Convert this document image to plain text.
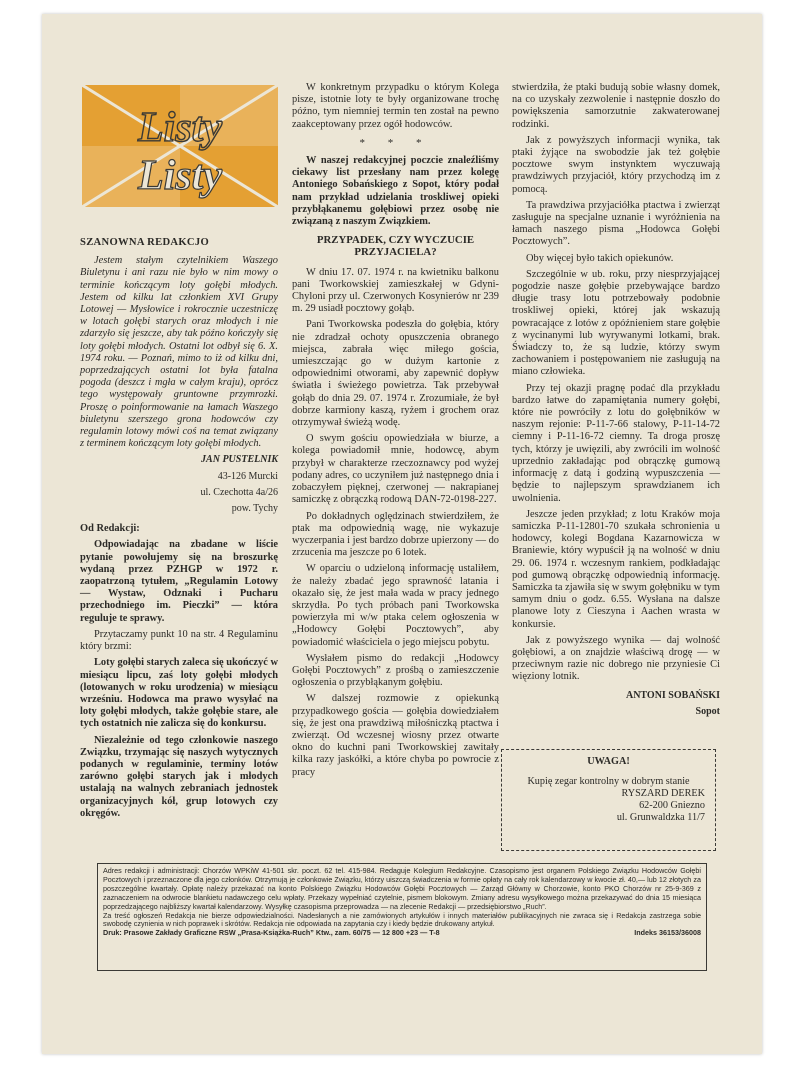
Listy
Listy
SZANOWNA REDAKCJO

Jestem stałym czytelnikiem Waszego Biuletynu i ani razu nie było w nim mowy o terminie kończącym loty gołębi młodych. Jestem od kilku lat członkiem XVI Grupy Lotowej — Mysłowice i rokrocznie uczestniczę w lotach gołębi starych oraz młodych i nie zdarzyło się jeszcze, aby tak późno kończyły się loty gołębi młodych. Ostatni lot odbył się 6. X. 1974 roku. — Poznań, mimo to iż od kilku dni, poprzedzających ostatni lot była fatalna pogoda (deszcz i mgła w całym kraju), oprócz tego występowały gruntowne przymrozki. Proszę o poinformowanie na łamach Waszego biuletynu szerszego grona hodowców czy regulamin lotowy mówi coś na temat związany z terminem kończącym loty gołębi młodych.

JAN PUSTELNIK

43-126 Murcki

ul. Czechotta 4a/26

pow. Tychy

Od Redakcji:

Odpowiadając na zbadane w liście pytanie powołujemy się na broszurkę wydaną przez PZHGP w 1972 r. zaopatrzoną tytułem, „Regulamin Lotowy — Wystaw, Odznaki i Pucharu przechodniego im. Pieczki” — która reguluje te sprawy.

Przytaczamy punkt 10 na str. 4 Regulaminu który brzmi:

Loty gołębi starych zaleca się ukończyć w miesiącu lipcu, zaś loty gołębi młodych (lotowanych w roku urodzenia) w miesiącu wrześniu. Hodowca ma prawo wysyłać na loty gołębi młodych, także gołębie stare, ale tych ostatnich nie zalicza się do konkursu.

Niezależnie od tego członkowie naszego Związku, trzymając się naszych wytycznych podanych w regulaminie, terminy lotów zarówno gołębi starych jak i młodych ustalają na walnych zebraniach jednostek organizacyjnych kół, grup lotowych czy okręgów.

W konkretnym przypadku o którym Kolega pisze, istotnie loty te były organizowane trochę późno, tym niemniej termin ten został na pewno zaakceptowany przez ogół hodowców.

* * *

W naszej redakcyjnej poczcie znaleźliśmy ciekawy list przesłany nam przez kolegę Antoniego Sobańskiego z Sopot, który podał nam przykład udzielania troskliwej opieki przybłąkanemu gołębiowi przez osobę nie związaną z naszym Związkiem.

PRZYPADEK, CZY WYCZUCIE PRZYJACIELA?

W dniu 17. 07. 1974 r. na kwietniku balkonu pani Tworkowskiej zamieszkałej w Gdyni-Chyloni przy ul. Czerwonych Kosynierów nr 239 m. 29 usiadł pocztowy gołąb.

Pani Tworkowska podeszła do gołębia, który nie zdradzał ochoty opuszczenia obranego miejsca, zabrała więc miłego gościa, umieszczając go w dużym kartonie z odpowiednimi otworami, aby zapewnić dopływ światła i świeżego powietrza. Tak przebywał gołąb do dnia 29. 07. 1974 r. Zrozumiałe, że był dobrze karmiony kaszą, ryżem i grochem oraz otrzymywał świeżą wodę.

O swym gościu opowiedziała w biurze, a kolega powiadomił mnie, hodowcę, abym przybył w charakterze rzeczoznawcy pod wyżej podany adres, co uczyniłem już następnego dnia i zobaczyłem pięknej, czerwonej — nakrapianej samiczkę z obrączką rodową DAN-72-0198-227.

Po dokładnych oględzinach stwierdziłem, że ptak ma odpowiednią wagę, nie wykazuje wyczerpania i jest bardzo dobrze upierzony — do zrzucenia ma jeszcze po 6 lotek.

W oparciu o udzieloną informację ustaliłem, że należy zbadać jego sprawność latania i okazało się, że jest mała wada w pracy jednego skrzydła. Po tych próbach pani Tworkowska powierzyła mi w/w ptaka celem ogłoszenia w „Hodowcy Gołębi Pocztowych”, aby powiadomić właściciela o jego miejscu pobytu.

Wysłałem pismo do redakcji „Hodowcy Gołębi Pocztowych” z prośbą o zamieszczenie ogłoszenia o przybłąkanym gołębiu.

W dalszej rozmowie z opiekunką przypadkowego gościa — gołębia dowiedziałem się, że jest ona prawdziwą miłośniczką ptactwa i zwierząt. Od wczesnej wiosny przez otwarte okno do kuchni pani Tworkowskiej zawitały kilka razy jaskółki, a które chyba po powrocie z pracy

stwierdziła, że ptaki budują sobie własny domek, na co uzyskały zezwolenie i następnie doszło do powiększenia samorzutnie zakwaterowanej rodzinki.

Jak z powyższych informacji wynika, tak ptaki żyjące na swobodzie jak też gołębie pocztowe swym instynktem wyczuwają prawdziwych przyjaciół, który przychodzą im z pomocą.

Ta prawdziwa przyjaciółka ptactwa i zwierząt zasługuje na specjalne uznanie i wyróżnienia na łamach naszego pisma „Hodowca Gołębi Pocztowych”.

Oby więcej było takich opiekunów.

Szczególnie w ub. roku, przy niesprzyjającej pogodzie nasze gołębie przebywające bardzo długie trasy lotu potrzebowały podobnie troskliwej opieki, której jak wskazują powracające z lotów z opóźnieniem stare gołębie z wycinanymi lub wyrywanymi lotkami, brak. Świadczy to, że są ludzie, którzy swym zachowaniem i postępowaniem nie zasługują na miano człowieka.

Przy tej okazji pragnę podać dla przykładu bardzo łatwe do zapamiętania numery gołębi, które nie powróciły z lotu do gołębników w naszym rejonie: P-11-7-66 stalowy, P-11-14-72 ciemny i P-11-16-72 ciemny. Ta droga proszę tych, którzy je uwięzili, aby zwrócili im wolność uprzednio zakładając pod obrączkę gumową informację z datą i godziną wypuszczenia — będzie to najlepszym sprawdzianem ich uwolnienia.

Jeszcze jeden przykład; z lotu Kraków moja samiczka P-11-12801-70 szukała schronienia u hodowcy, kolegi Bogdana Kazarnowicza w Braniewie, który wypuścił ją na wolność w dniu 29. 06. 1974 r. wczesnym rankiem, podkładając pod gumową obrączkę odpowiednią informację. Samiczka ta zjawiła się w swym gołębniku w tym samym dniu o godz. 6.55. Wysłana na dalsze planowe loty z Cieszyna i Aachen wrasta w konkursie.

Jak z powyższego wynika — daj wolność gołębiowi, a on znajdzie właściwą drogę — w przeciwnym razie nic dobrego nie przyniesie Ci więziony lotnik.

ANTONI SOBAŃSKI

Sopot

UWAGA!
Kupię zegar kontrolny w dobrym stanie
RYSZARD DEREK
62-200 Gniezno
ul. Grunwaldzka 11/7

Adres redakcji i administracji: Chorzów WPKiW 41-501 skr. poczt. 62 tel. 415-984. Redaguje Kolegium Redakcyjne. Czasopismo jest organem Polskiego Związku Hodowców Gołębi Pocztowych i przeznaczone dla jego członków. Otrzymują je członkowie Związku, którzy uiszczą świadczenia w formie opłaty na cały rok kalendarzowy w kwocie zł. 40,— lub 12 złotych za poszczególne kwartały. Opłatę należy przekazać na konto Polskiego Związku Hodowców Gołębi Pocztowych — Zarząd Główny w Chorzowie, konto PKO Chorzów nr 25-9-369 z zaznaczeniem na odwrocie blankietu nadawczego celu wpłaty. Przekazy wypełniać czytelnie, pismem blokowym. Zmiany adresu wysyłkowego można przekazywać do dnia 15 miesiąca poprzedzającego najbliższy kwartał kalendarzowy. Wysyłkę czasopisma przeprowadza — na zlecenie Redakcji — przedsiębiorstwo „Ruch”.

Za treść ogłoszeń Redakcja nie bierze odpowiedzialności. Nadesłanych a nie zamówionych artykułów i innych materiałów publikacyjnych nie zwraca się i Redakcja zastrzega sobie swobodę czynienia w nich poprawek i skrótów. Redakcja nie odpowiada na zapytania czy i kiedy będzie drukowany artykuł.

Druk: Prasowe Zakłady Graficzne RSW „Prasa-Książka-Ruch” Ktw., zam. 60/75 — 12 800 +23 — T-8	Indeks 36153/36008
